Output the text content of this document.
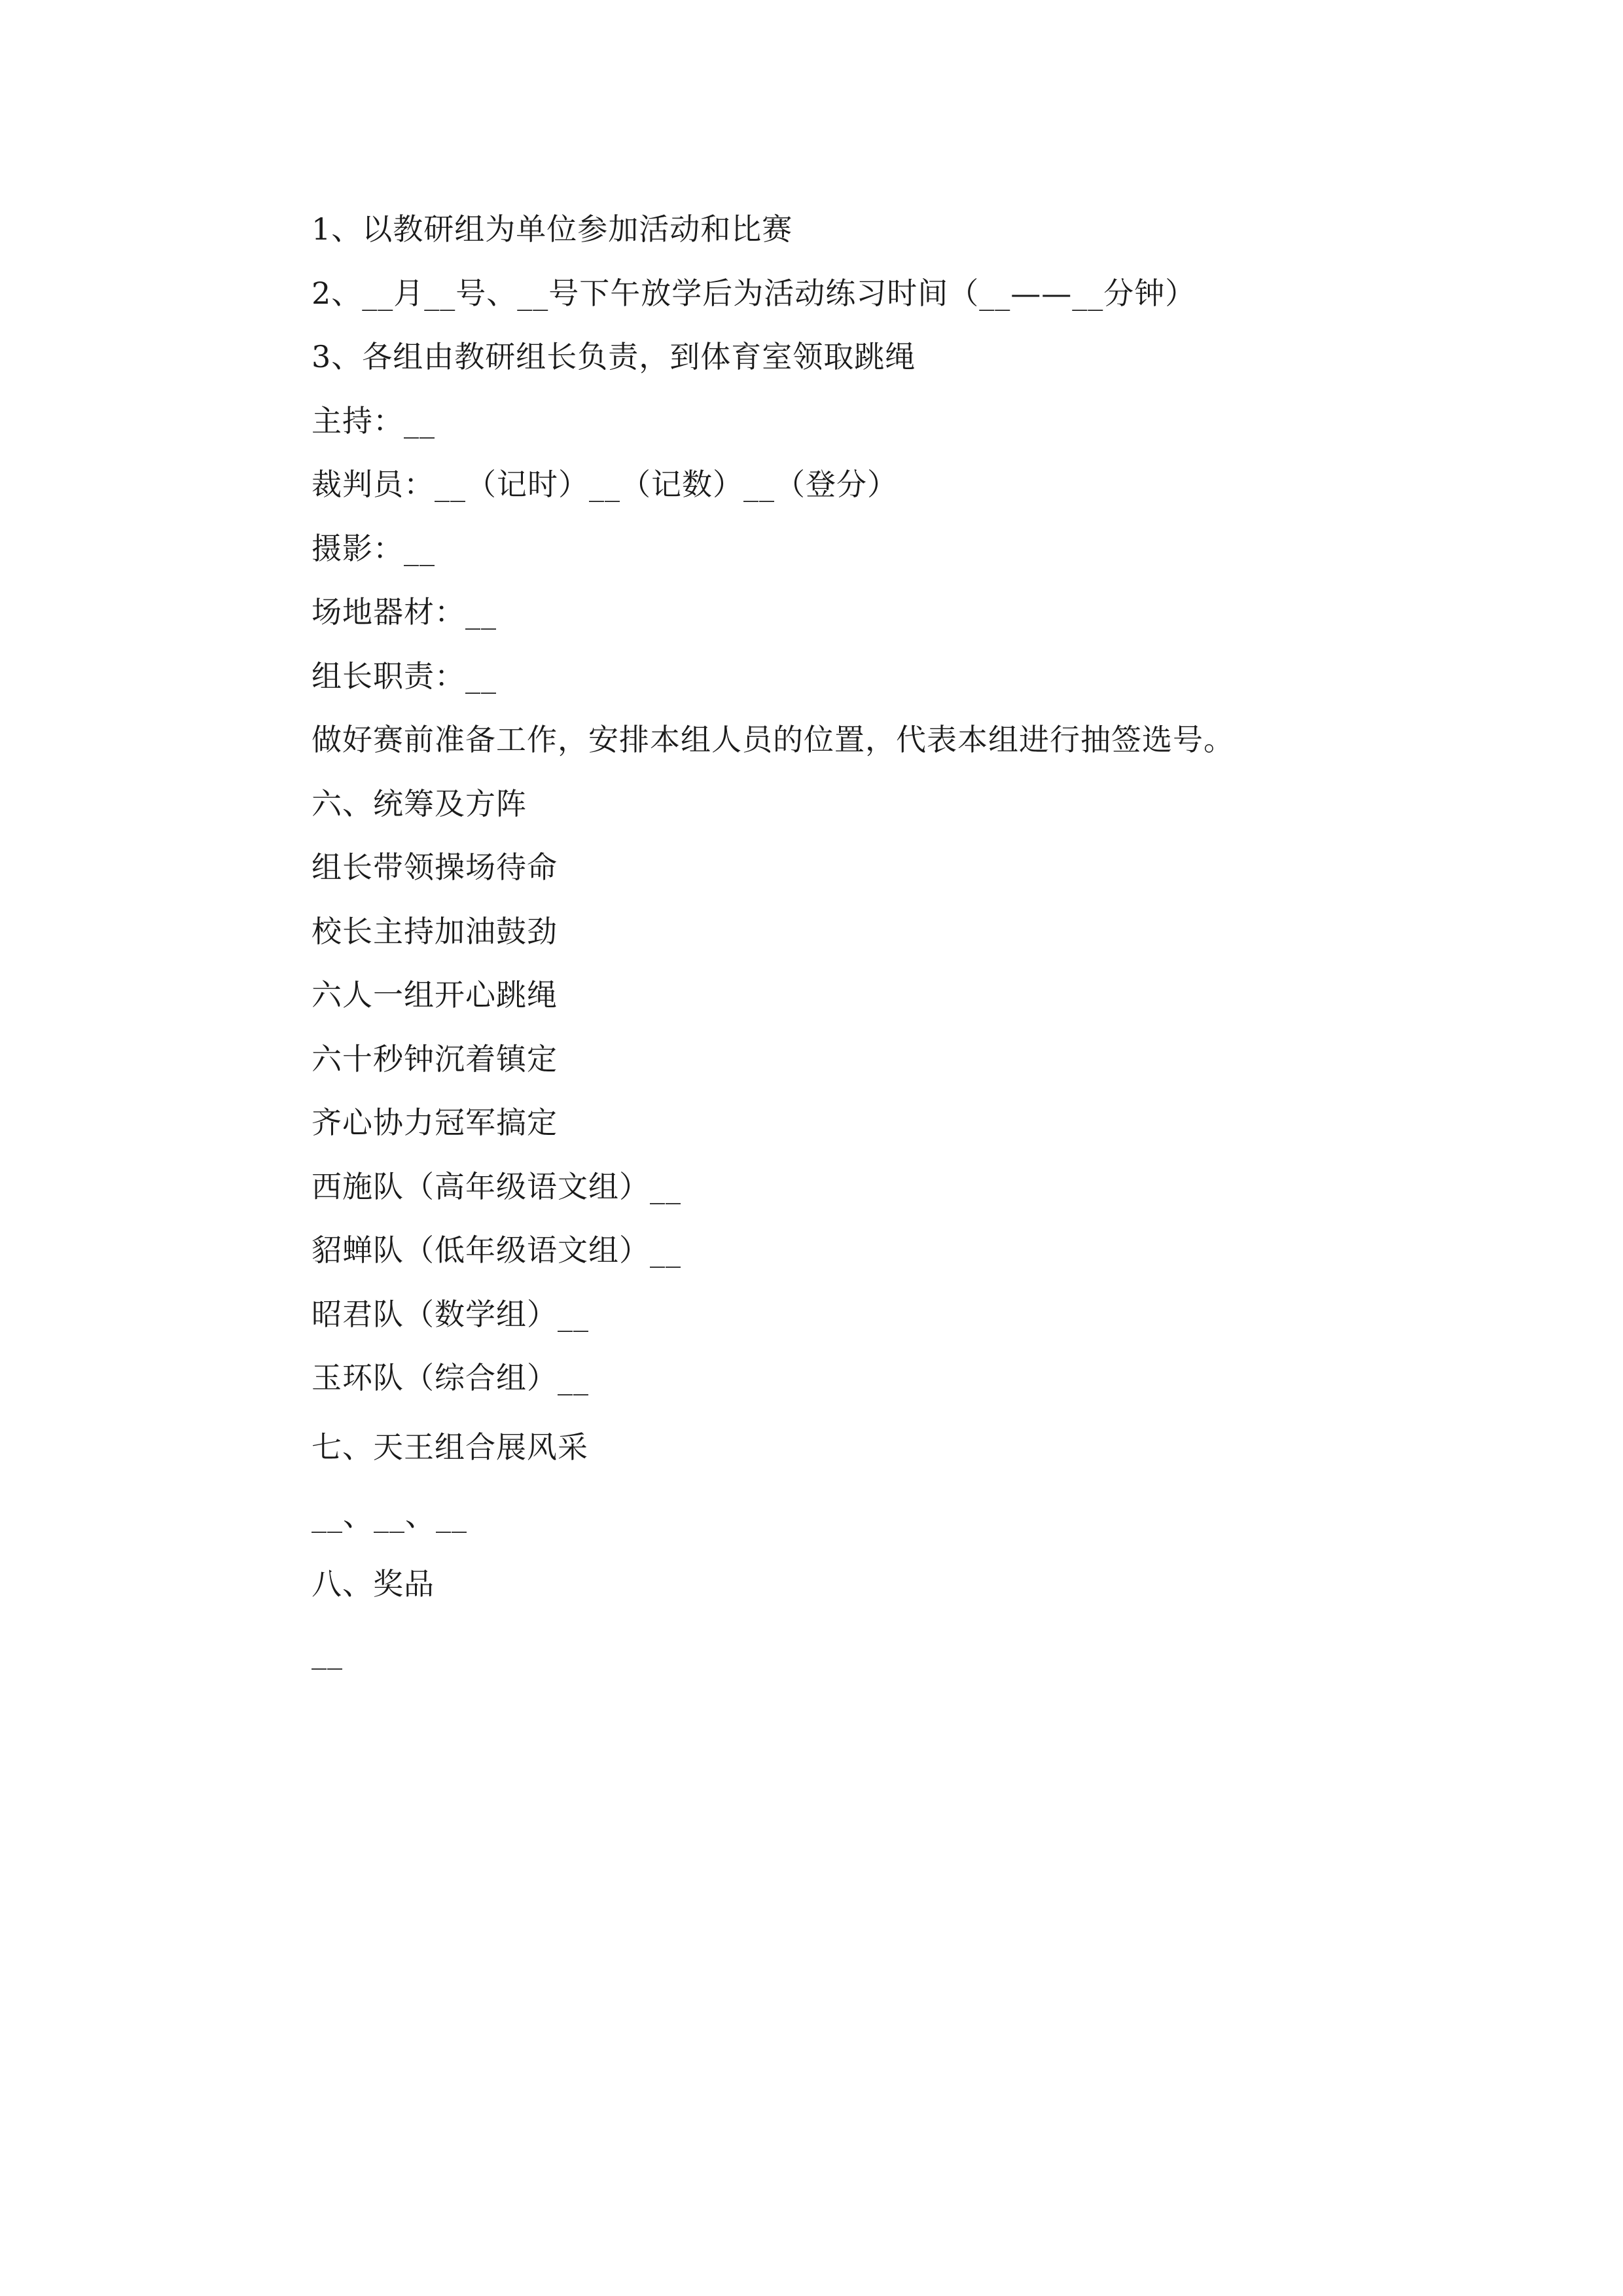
1、以教研组为单位参加活动和比赛
2、__月__号、__号下午放学后为活动练习时间（__——__分钟）
3、各组由教研组长负责，到体育室领取跳绳
主持：__
裁判员：__（记时）__（记数）__（登分）
摄影：__
场地器材：__
组长职责：__
做好赛前准备工作，安排本组人员的位置，代表本组进行抽签选号。
六、统筹及方阵
组长带领操场待命
校长主持加油鼓劲
六人一组开心跳绳
六十秒钟沉着镇定
齐心协力冠军搞定
西施队（高年级语文组）__
貂蝉队（低年级语文组）__
昭君队（数学组）__
玉环队（综合组）__
七、天王组合展风采
__、__、__
八、奖品
__
